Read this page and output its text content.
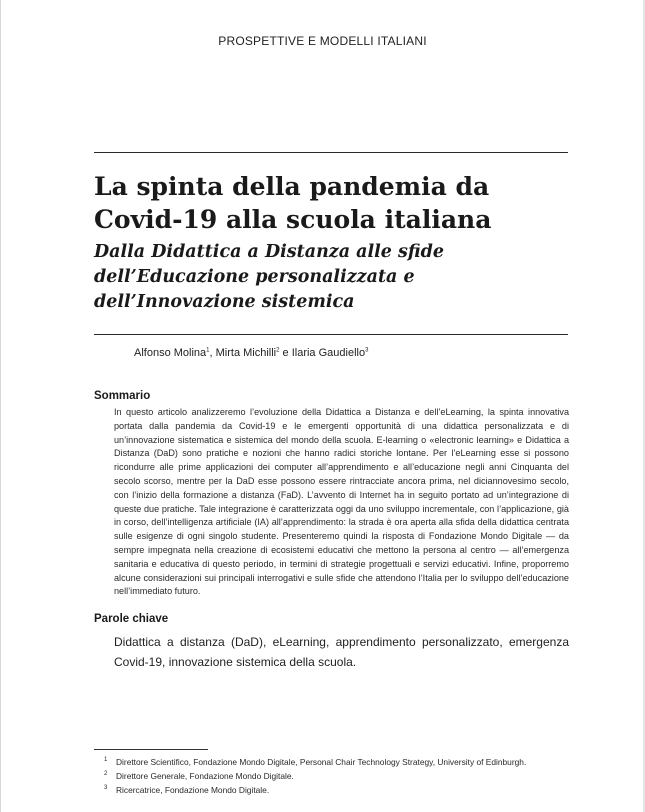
PROSPETTIVE E MODELLI ITALIANI
La spinta della pandemia da Covid-19 alla scuola italiana
Dalla Didattica a Distanza alle sfide dell’Educazione personalizzata e dell’Innovazione sistemica
Alfonso Molina$^1$, Mirta Michilli$^2$ e Ilaria Gaudiello$^3$
Sommario

In questo articolo analizzeremo l’evoluzione della Didattica a Distanza e dell’eLearning, la spinta innovativa portata dalla pandemia da Covid-19 e le emergenti opportunità di una didattica personalizzata e di un’innovazione sistematica e sistemica del mondo della scuola. E-learning o «electronic learning» e Didattica a Distanza (DaD) sono pratiche e nozioni che hanno radici storiche lontane. Per l’eLearning esse si possono ricondurre alle prime applicazioni dei computer all’apprendimento e all’educazione negli anni Cinquanta del secolo scorso, mentre per la DaD esse possono essere rintracciate ancora prima, nel diciannovesimo secolo, con l’inizio della formazione a distanza (FaD). L’avvento di Internet ha in seguito portato ad un’integrazione di queste due pratiche. Tale integrazione è caratterizzata oggi da uno sviluppo incrementale, con l’applicazione, già in corso, dell’intelligenza artificiale (IA) all’apprendimento: la strada è ora aperta alla sfida della didattica centrata sulle esigenze di ogni singolo studente. Presenteremo quindi la risposta di Fondazione Mondo Digitale — da sempre impegnata nella creazione di ecosistemi educativi che mettono la persona al centro — all’emergenza sanitaria e educativa di questo periodo, in termini di strategie progettuali e servizi educativi. Infine, proporremo alcune considerazioni sui principali interrogativi e sulle sfide che attendono l’Italia per lo sviluppo dell’educazione nell’immediato futuro.

Parole chiave

Didattica a distanza (DaD), eLearning, apprendimento personalizzato, emergenza Covid-19, innovazione sistemica della scuola.

1 Direttore Scientifico, Fondazione Mondo Digitale, Personal Chair Technology Strategy, University of Edinburgh.
2 Direttore Generale, Fondazione Mondo Digitale.
3 Ricercatrice, Fondazione Mondo Digitale.
